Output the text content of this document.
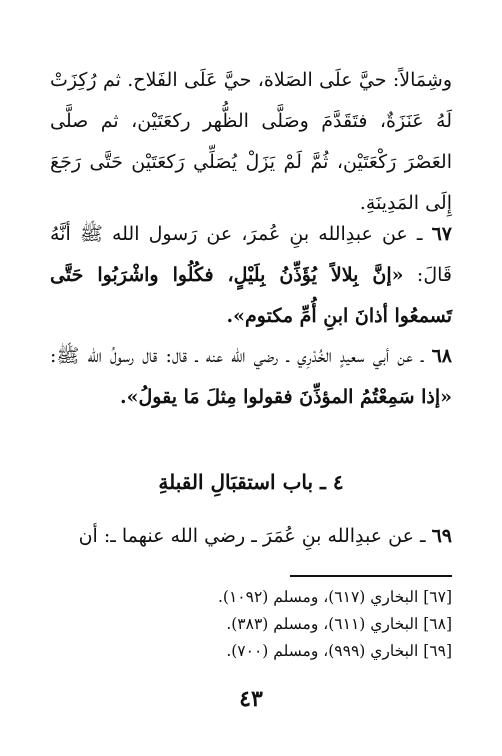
وشِمَالاً: حيَّ علَى الصَلاة، حيَّ عَلَى الفَلاح. ثم رُكِزَتْ لَهُ عَنَزَةٌ، فتَقَدَّمَ وصَلَّى الظُّهر ركعَتَيْن، ثم صلَّى العَصْرَ رَكْعَتَيْن، ثُمَّ لَمْ يَزَلْ يُصَلِّي رَكعَتَيْن حَتَّى رَجَعَ إِلَى المَدِينَةِ.
٦٧ ـ عن عبدِالله بنِ عُمرَ، عن رَسول الله ﷺ أنَّهُ قَالَ: «إنَّ بِلالاً يُؤَذِّنُ بِلَيْلٍ، فكُلُوا واشْرَبُوا حَتَّى تَسمعُوا أذانَ ابنِ أُمِّ مكتوم».
٦٨ ـ عن أبي سعيدٍ الخُدْرِي ـ رضي الله عنه ـ قال: قال رسولُ الله ﷺ: «إذا سَمِعْتُمُ المؤذِّنَ فقولوا مِثلَ مَا يقولُ».
٤ ـ باب استقبَالِ القبلةِ
٦٩ ـ عن عبدِالله بنِ عُمَرَ ـ رضي الله عنهما ـ: أن
[٦٧] البخاري (٦١٧)، ومسلم (١٠٩٢).
[٦٨] البخاري (٦١١)، ومسلم (٣٨٣).
[٦٩] البخاري (٩٩٩)، ومسلم (٧٠٠).
٤٣
